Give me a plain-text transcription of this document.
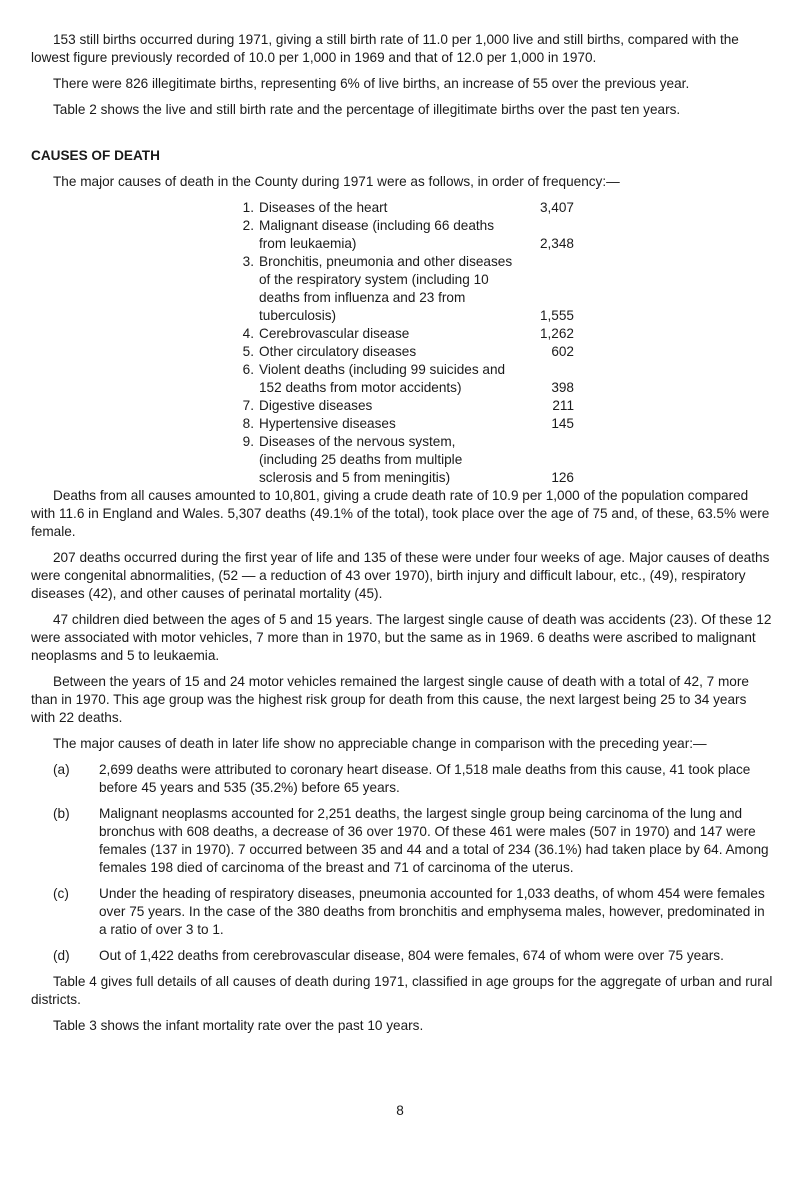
153 still births occurred during 1971, giving a still birth rate of 11.0 per 1,000 live and still births, compared with the lowest figure previously recorded of 10.0 per 1,000 in 1969 and that of 12.0 per 1,000 in 1970.

There were 826 illegitimate births, representing 6% of live births, an increase of 55 over the previous year.

Table 2 shows the live and still birth rate and the percentage of illegitimate births over the past ten years.

CAUSES OF DEATH

The major causes of death in the County during 1971 were as follows, in order of frequency:—

1. Diseases of the heart	3,407
2. Malignant disease (including 66 deaths from leukaemia)	2,348
3. Bronchitis, pneumonia and other diseases of the respiratory system (including 10 deaths from influenza and 23 from tuberculosis)	1,555
4. Cerebrovascular disease	1,262
5. Other circulatory diseases	602
6. Violent deaths (including 99 suicides and 152 deaths from motor accidents)	398
7. Digestive diseases	211
8. Hypertensive diseases	145
9. Diseases of the nervous system, (including 25 deaths from multiple sclerosis and 5 from meningitis)	126

Deaths from all causes amounted to 10,801, giving a crude death rate of 10.9 per 1,000 of the population compared with 11.6 in England and Wales. 5,307 deaths (49.1% of the total), took place over the age of 75 and, of these, 63.5% were female.

207 deaths occurred during the first year of life and 135 of these were under four weeks of age. Major causes of deaths were congenital abnormalities, (52 — a reduction of 43 over 1970), birth injury and difficult labour, etc., (49), respiratory diseases (42), and other causes of perinatal mortality (45).

47 children died between the ages of 5 and 15 years. The largest single cause of death was accidents (23). Of these 12 were associated with motor vehicles, 7 more than in 1970, but the same as in 1969. 6 deaths were ascribed to malignant neoplasms and 5 to leukaemia.

Between the years of 15 and 24 motor vehicles remained the largest single cause of death with a total of 42, 7 more than in 1970. This age group was the highest risk group for death from this cause, the next largest being 25 to 34 years with 22 deaths.

The major causes of death in later life show no appreciable change in comparison with the preceding year:—

(a)	2,699 deaths were attributed to coronary heart disease. Of 1,518 male deaths from this cause, 41 took place before 45 years and 535 (35.2%) before 65 years.
(b)	Malignant neoplasms accounted for 2,251 deaths, the largest single group being carcinoma of the lung and bronchus with 608 deaths, a decrease of 36 over 1970. Of these 461 were males (507 in 1970) and 147 were females (137 in 1970). 7 occurred between 35 and 44 and a total of 234 (36.1%) had taken place by 64. Among females 198 died of carcinoma of the breast and 71 of carcinoma of the uterus.
(c)	Under the heading of respiratory diseases, pneumonia accounted for 1,033 deaths, of whom 454 were females over 75 years. In the case of the 380 deaths from bronchitis and emphysema males, however, predominated in a ratio of over 3 to 1.
(d)	Out of 1,422 deaths from cerebrovascular disease, 804 were females, 674 of whom were over 75 years.

Table 4 gives full details of all causes of death during 1971, classified in age groups for the aggregate of urban and rural districts.

Table 3 shows the infant mortality rate over the past 10 years.

8
